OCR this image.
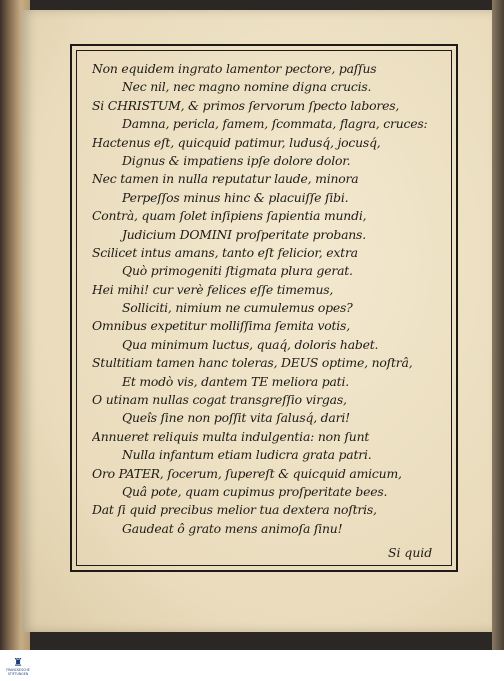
Non equidem ingrato lamentor pectore, paſſus
Nec nil, nec magno nomine digna crucis.
Si CHRISTUM, & primos ſervorum ſpecto labores,
Damna, pericla, famem, ſcommata, flagra, cruces:
Hactenus eſt, quicquid patimur, ludusq́, jocusq́,
Dignus & impatiens ipſe dolore dolor.
Nec tamen in nulla reputatur laude, minora
Perpeſſos minus hinc & placuiſſe ſibi.
Contrà, quam ſolet inſipiens ſapientia mundi,
Judicium DOMINI proſperitate probans.
Scilicet intus amans, tanto eſt felicior, extra
Quò primogeniti ſtigmata plura gerat.
Hei mihi! cur verè felices eſſe timemus,
Solliciti, nimium ne cumulemus opes?
Omnibus expetitur molliſſima ſemita votis,
Qua minimum luctus, quaq́, doloris habet.
Stultitiam tamen hanc toleras, DEUS optime, noſtrâ,
Et modò vis, dantem TE meliora pati.
O utinam nullas cogat transgreſſio virgas,
Queîs ſine non poſſit vita ſalusq́, dari!
Annueret reliquis multa indulgentia: non ſunt
Nulla infantum etiam ludicra grata patri.
Oro PATER, ſocerum, ſupereſt & quicquid amicum,
Quâ pote, quam cupimus proſperitate bees.
Dat ſi quid precibus melior tua dextera noſtris,
Gaudeat ô grato mens animoſa ſinu!
Si quid
♜
FRANCKESCHE STIFTUNGEN
